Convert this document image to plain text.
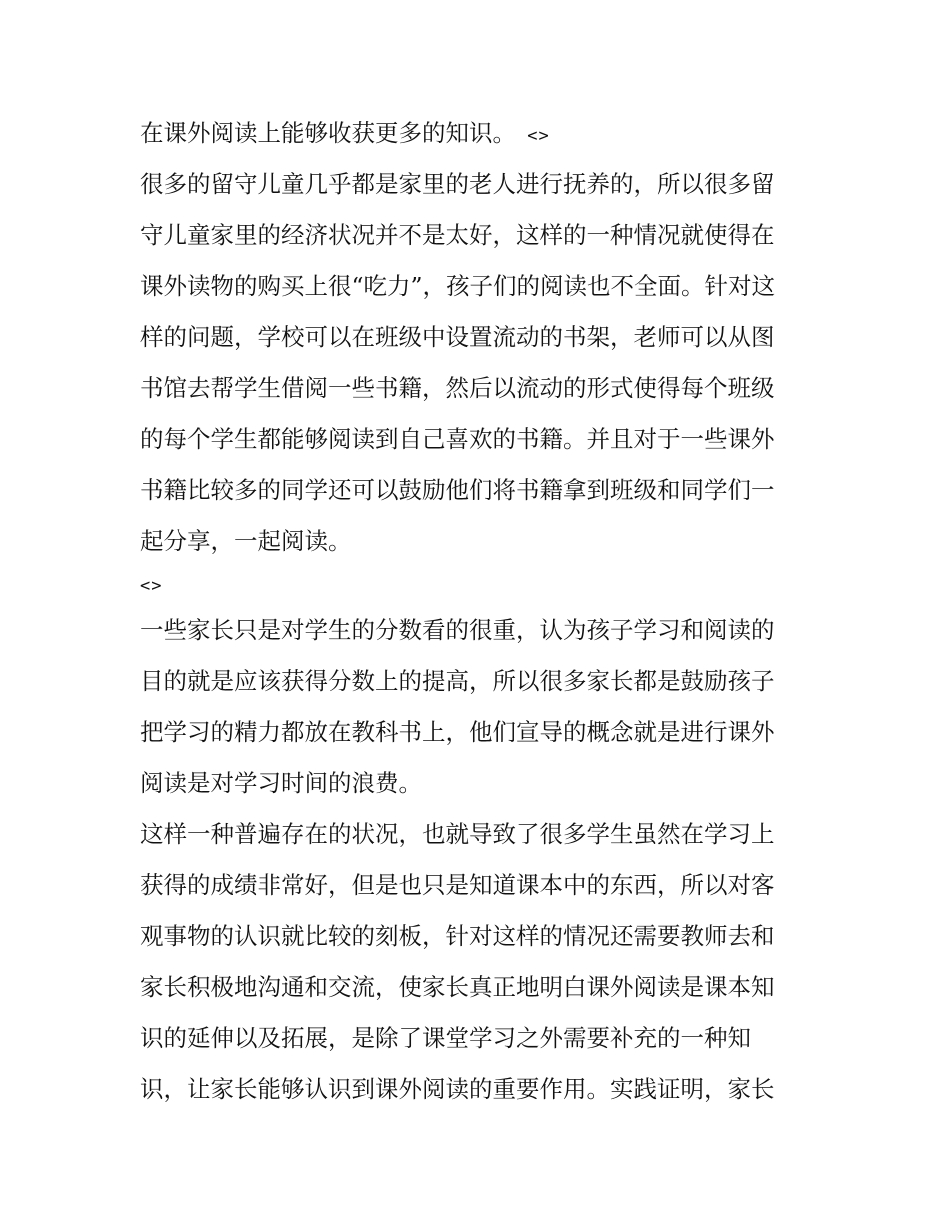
在课外阅读上能够收获更多的知识。 <>
很多的留守儿童几乎都是家里的老人进行抚养的，所以很多留
守儿童家里的经济状况并不是太好，这样的一种情况就使得在
课外读物的购买上很“吃力”，孩子们的阅读也不全面。针对这
样的问题，学校可以在班级中设置流动的书架，老师可以从图
书馆去帮学生借阅一些书籍，然后以流动的形式使得每个班级
的每个学生都能够阅读到自己喜欢的书籍。并且对于一些课外
书籍比较多的同学还可以鼓励他们将书籍拿到班级和同学们一
起分享，一起阅读。
<>
一些家长只是对学生的分数看的很重，认为孩子学习和阅读的
目的就是应该获得分数上的提高，所以很多家长都是鼓励孩子
把学习的精力都放在教科书上，他们宣导的概念就是进行课外
阅读是对学习时间的浪费。
这样一种普遍存在的状况，也就导致了很多学生虽然在学习上
获得的成绩非常好，但是也只是知道课本中的东西，所以对客
观事物的认识就比较的刻板，针对这样的情况还需要教师去和
家长积极地沟通和交流，使家长真正地明白课外阅读是课本知
识的延伸以及拓展，是除了课堂学习之外需要补充的一种知
识，让家长能够认识到课外阅读的重要作用。实践证明，家长
